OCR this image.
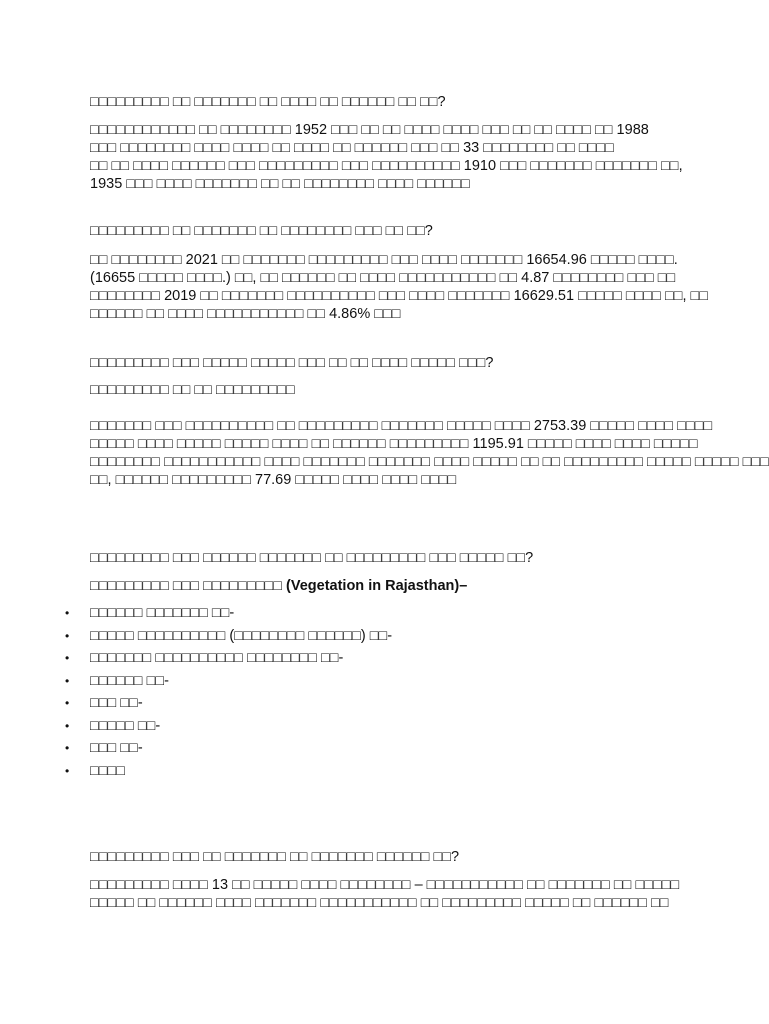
□□□□□□□□□ □□ □□□□□□□ □□ □□□□ □□ □□□□□□ □□ □□?
□□□□□□□□□□□□ □□ □□□□□□□□ 1952 □□□ □□ □□ □□□□ □□□□ □□□ □□ □□ □□□□ □□ 1988
□□□ □□□□□□□□ □□□□ □□□□ □□ □□□□ □□ □□□□□□ □□□ □□ 33 □□□□□□□□ □□ □□□□
□□ □□ □□□□ □□□□□□ □□□ □□□□□□□□□ □□□ □□□□□□□□□□ 1910 □□□ □□□□□□□ □□□□□□□ □□,
1935 □□□ □□□□ □□□□□□□ □□ □□ □□□□□□□□ □□□□ □□□□□□
□□□□□□□□□ □□ □□□□□□□ □□ □□□□□□□□ □□□ □□ □□?
□□ □□□□□□□□ 2021 □□ □□□□□□□ □□□□□□□□□ □□□ □□□□ □□□□□□□ 16654.96 □□□□□ □□□□.
(16655 □□□□□ □□□□.) □□, □□ □□□□□□ □□ □□□□ □□□□□□□□□□□ □□ 4.87 □□□□□□□□ □□□ □□
□□□□□□□□ 2019 □□ □□□□□□□ □□□□□□□□□□ □□□ □□□□ □□□□□□□ 16629.51 □□□□□ □□□□ □□, □□
□□□□□□ □□ □□□□ □□□□□□□□□□□ □□ 4.86% □□□
□□□□□□□□□ □□□ □□□□□ □□□□□ □□□ □□ □□ □□□□ □□□□□ □□□?
□□□□□□□□□ □□ □□ □□□□□□□□□
□□□□□□□ □□□ □□□□□□□□□□ □□ □□□□□□□□□ □□□□□□□ □□□□□ □□□□ 2753.39 □□□□□ □□□□ □□□□
□□□□□ □□□□ □□□□□ □□□□□ □□□□ □□ □□□□□□ □□□□□□□□□ 1195.91 □□□□□ □□□□ □□□□ □□□□□
□□□□□□□□ □□□□□□□□□□□ □□□□ □□□□□□□ □□□□□□□ □□□□ □□□□□ □□ □□ □□□□□□□□□ □□□□□ □□□□□ □□□
□□, □□□□□□ □□□□□□□□□ 77.69 □□□□□ □□□□ □□□□ □□□□
□□□□□□□□□ □□□ □□□□□□ □□□□□□□ □□ □□□□□□□□□ □□□ □□□□□ □□?
□□□□□□□□□ □□□ □□□□□□□□□ (Vegetation in Rajasthan)–
• □□□□□□ □□□□□□□ □□-
• □□□□□ □□□□□□□□□□ (□□□□□□□□ □□□□□□) □□-
• □□□□□□□ □□□□□□□□□□ □□□□□□□□ □□-
• □□□□□□ □□-
• □□□ □□-
• □□□□□ □□-
• □□□ □□-
• □□□□
□□□□□□□□□ □□□ □□ □□□□□□□ □□ □□□□□□□ □□□□□□ □□?
□□□□□□□□□ □□□□ 13 □□ □□□□□ □□□□ □□□□□□□□ – □□□□□□□□□□□ □□ □□□□□□□ □□ □□□□□
□□□□□ □□ □□□□□□ □□□□ □□□□□□□ □□□□□□□□□□□ □□ □□□□□□□□□ □□□□□ □□ □□□□□□ □□
